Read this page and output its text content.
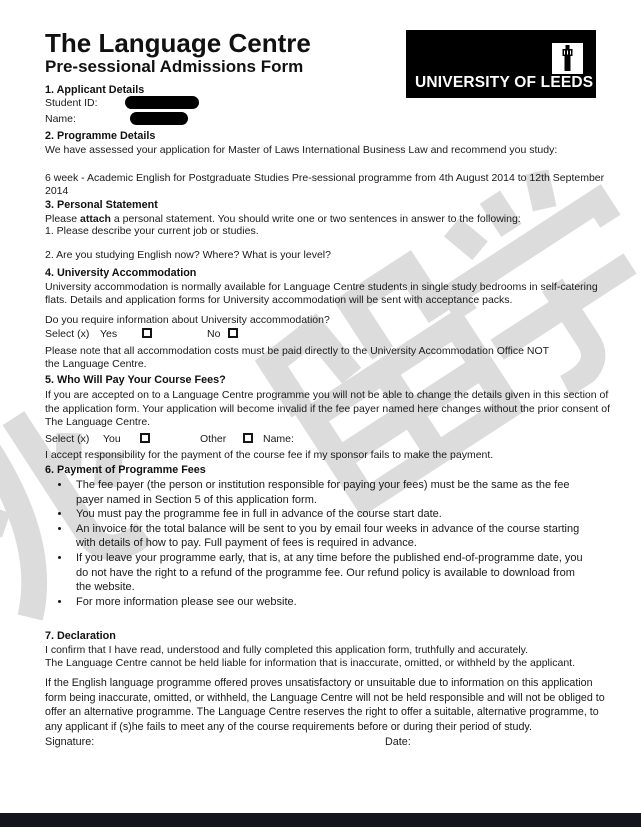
UNIVERSITY OF LEEDS
The Language Centre
Pre-sessional Admissions Form
1. Applicant Details
Student ID:
Name:
2. Programme Details
We have assessed your application for Master of Laws International Business Law and recommend you study:
6 week - Academic English for Postgraduate Studies Pre-sessional programme from 4th August 2014 to 12th September 2014
3. Personal Statement
Please attach a personal statement. You should write one or two sentences in answer to the following:
1. Please describe your current job or studies.
2. Are you studying English now? Where? What is your level?
4. University Accommodation
University accommodation is normally available for Language Centre students in single study bedrooms in self-catering flats. Details and application forms for University accommodation will be sent with acceptance packs.
Do you require information about University accommodation?
Select (x) Yes	No
Please note that all accommodation costs must be paid directly to the University Accommodation Office NOT
the Language Centre.
5. Who Will Pay Your Course Fees?
If you are accepted on to a Language Centre programme you will not be able to change the details given in this section of the application form. Your application will become invalid if the fee payer named here changes without the prior consent of The Language Centre.
Select (x) You	Other	Name:
I accept responsibility for the payment of the course fee if my sponsor fails to make the payment.
6. Payment of Programme Fees
• The fee payer (the person or institution responsible for paying your fees) must be the same as the fee payer named in Section 5 of this application form.
• You must pay the programme fee in full in advance of the course start date.
• An invoice for the total balance will be sent to you by email four weeks in advance of the course starting with details of how to pay. Full payment of fees is required in advance.
• If you leave your programme early, that is, at any time before the published end-of-programme date, you do not have the right to a refund of the programme fee. Our refund policy is available to download from the website.
• For more information please see our website.
7. Declaration
I confirm that I have read, understood and fully completed this application form, truthfully and accurately.
The Language Centre cannot be held liable for information that is inaccurate, omitted, or withheld by the applicant.
If the English language programme offered proves unsatisfactory or unsuitable due to information on this application form being inaccurate, omitted, or withheld, the Language Centre will not be held responsible and will not be obliged to offer an alternative programme. The Language Centre reserves the right to offer a suitable, alternative programme, to any applicant if (s)he fails to meet any of the course requirements before or during their period of study.
Signature:	Date:
